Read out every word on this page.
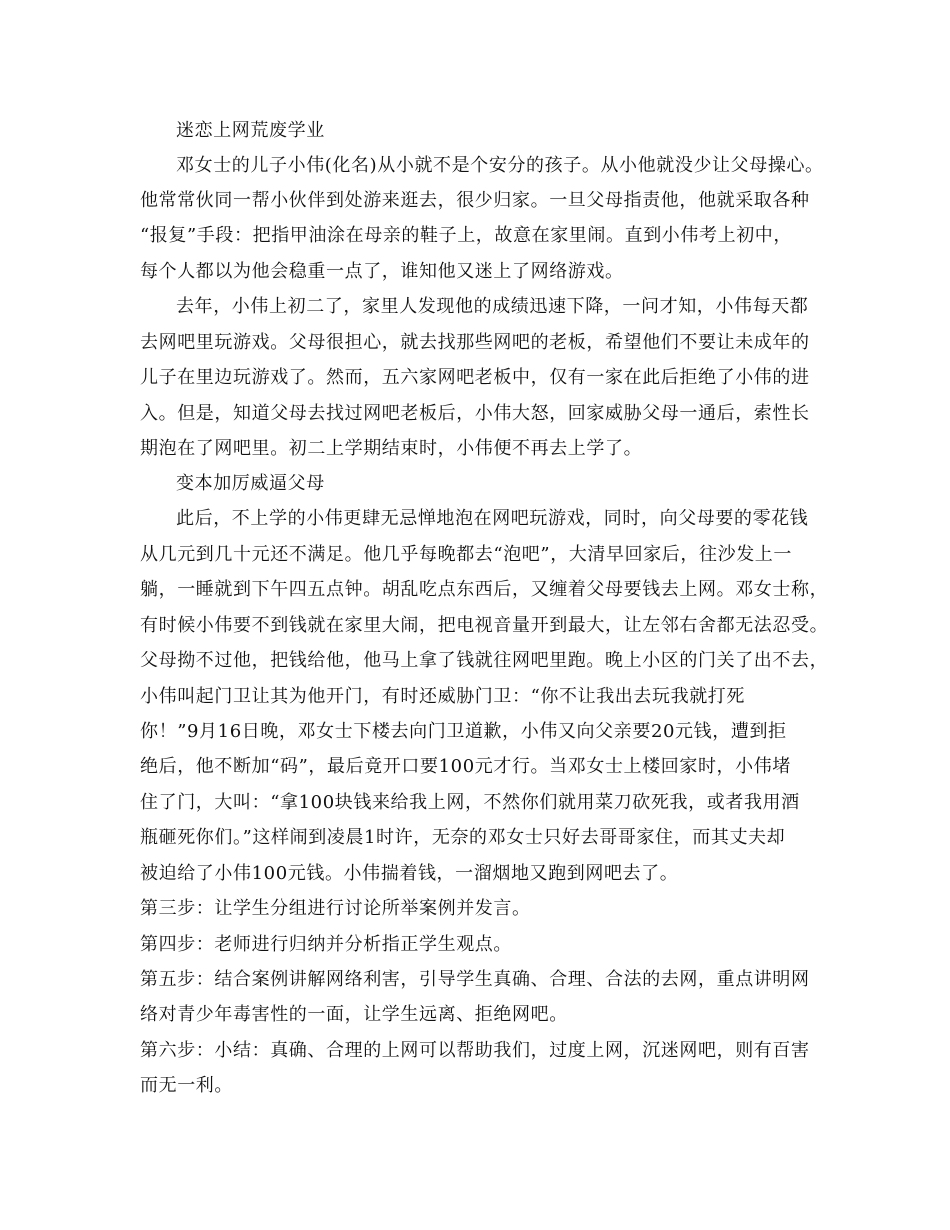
迷恋上网荒废学业
邓女士的儿子小伟(化名)从小就不是个安分的孩子。从小他就没少让父母操心。
他常常伙同一帮小伙伴到处游来逛去，很少归家。一旦父母指责他，他就采取各种
“报复”手段：把指甲油涂在母亲的鞋子上，故意在家里闹。直到小伟考上初中，
每个人都以为他会稳重一点了，谁知他又迷上了网络游戏。
去年，小伟上初二了，家里人发现他的成绩迅速下降，一问才知，小伟每天都
去网吧里玩游戏。父母很担心，就去找那些网吧的老板，希望他们不要让未成年的
儿子在里边玩游戏了。然而，五六家网吧老板中，仅有一家在此后拒绝了小伟的进
入。但是，知道父母去找过网吧老板后，小伟大怒，回家威胁父母一通后，索性长
期泡在了网吧里。初二上学期结束时，小伟便不再去上学了。
变本加厉威逼父母
此后，不上学的小伟更肆无忌惮地泡在网吧玩游戏，同时，向父母要的零花钱
从几元到几十元还不满足。他几乎每晚都去“泡吧”，大清早回家后，往沙发上一
躺，一睡就到下午四五点钟。胡乱吃点东西后，又缠着父母要钱去上网。邓女士称，
有时候小伟要不到钱就在家里大闹，把电视音量开到最大，让左邻右舍都无法忍受。
父母拗不过他，把钱给他，他马上拿了钱就往网吧里跑。晚上小区的门关了出不去，
小伟叫起门卫让其为他开门，有时还威胁门卫：“你不让我出去玩我就打死
你！”9月16日晚，邓女士下楼去向门卫道歉，小伟又向父亲要20元钱，遭到拒
绝后，他不断加“码”，最后竟开口要100元才行。当邓女士上楼回家时，小伟堵
住了门，大叫：“拿100块钱来给我上网，不然你们就用菜刀砍死我，或者我用酒
瓶砸死你们。”这样闹到凌晨1时许，无奈的邓女士只好去哥哥家住，而其丈夫却
被迫给了小伟100元钱。小伟揣着钱，一溜烟地又跑到网吧去了。
第三步：让学生分组进行讨论所举案例并发言。
第四步：老师进行归纳并分析指正学生观点。
第五步：结合案例讲解网络利害，引导学生真确、合理、合法的去网，重点讲明网
络对青少年毒害性的一面，让学生远离、拒绝网吧。
第六步：小结：真确、合理的上网可以帮助我们，过度上网，沉迷网吧，则有百害
而无一利。
